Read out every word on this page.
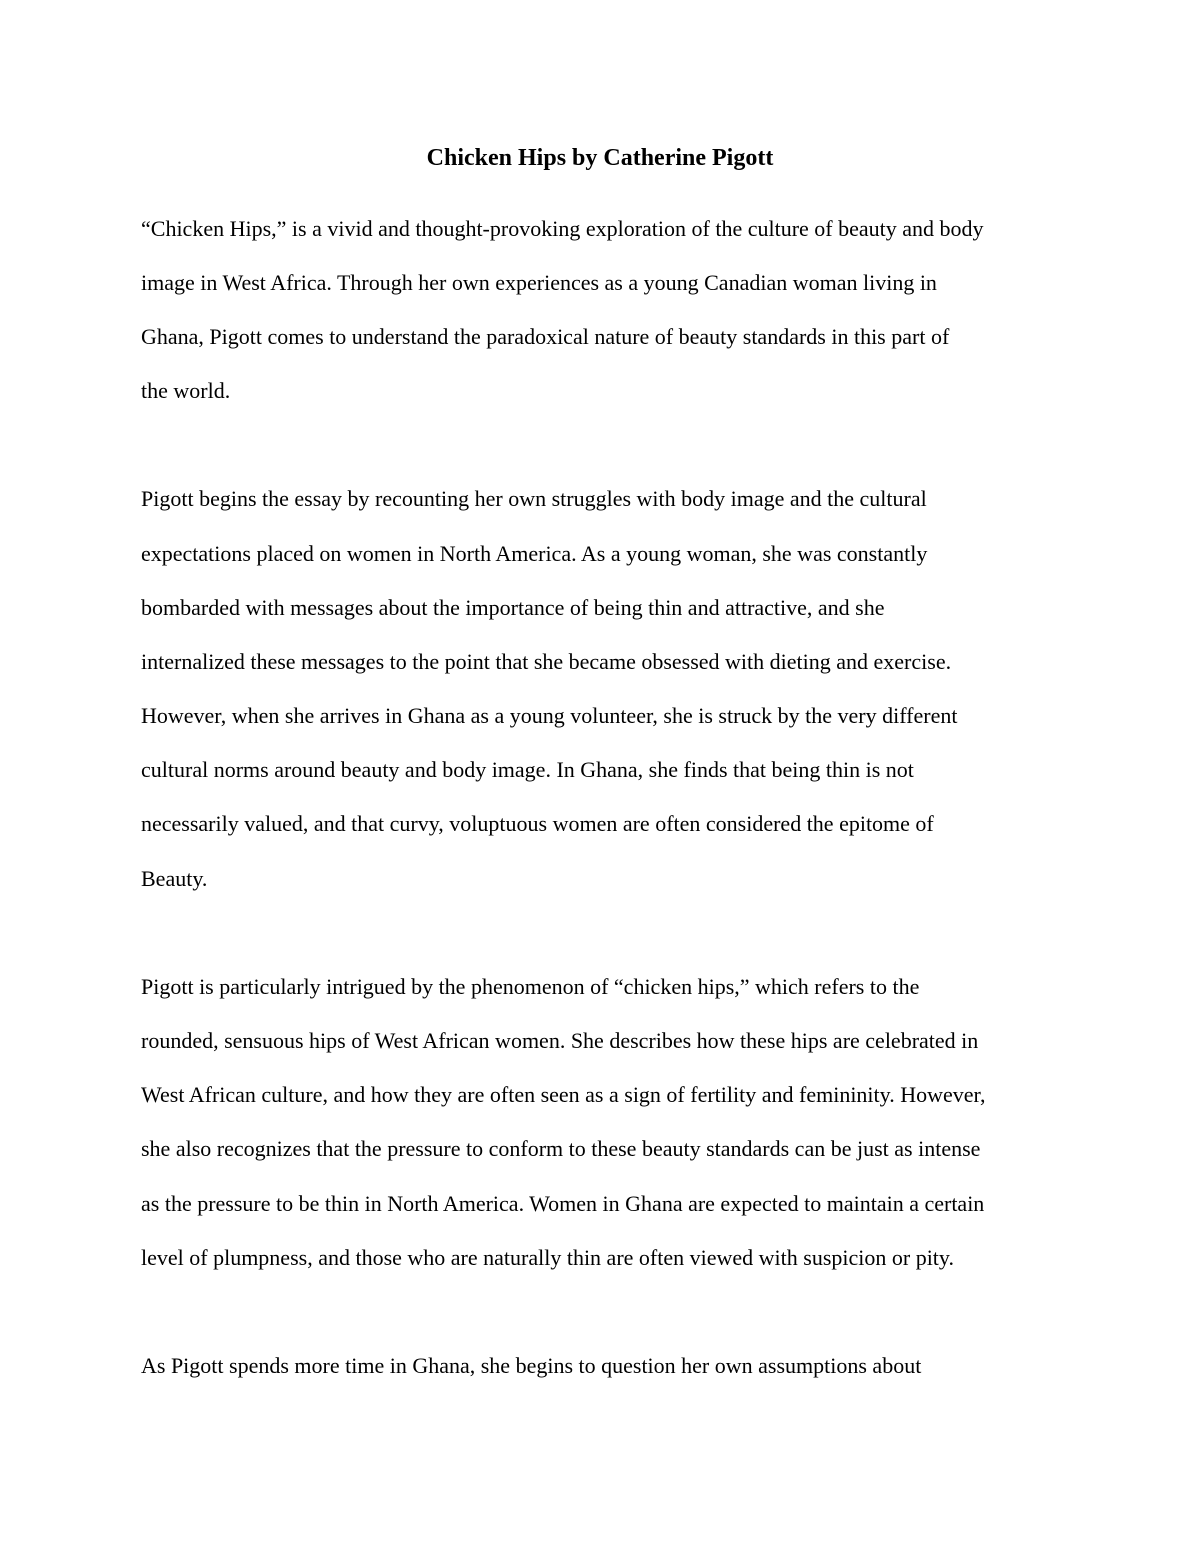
Chicken Hips by Catherine Pigott

“Chicken Hips,” is a vivid and thought-provoking exploration of the culture of beauty and body

image in West Africa. Through her own experiences as a young Canadian woman living in

Ghana, Pigott comes to understand the paradoxical nature of beauty standards in this part of

the world.

Pigott begins the essay by recounting her own struggles with body image and the cultural

expectations placed on women in North America. As a young woman, she was constantly

bombarded with messages about the importance of being thin and attractive, and she

internalized these messages to the point that she became obsessed with dieting and exercise.

However, when she arrives in Ghana as a young volunteer, she is struck by the very different

cultural norms around beauty and body image. In Ghana, she finds that being thin is not

necessarily valued, and that curvy, voluptuous women are often considered the epitome of

Beauty.

Pigott is particularly intrigued by the phenomenon of “chicken hips,” which refers to the

rounded, sensuous hips of West African women. She describes how these hips are celebrated in

West African culture, and how they are often seen as a sign of fertility and femininity. However,

she also recognizes that the pressure to conform to these beauty standards can be just as intense

as the pressure to be thin in North America. Women in Ghana are expected to maintain a certain

level of plumpness, and those who are naturally thin are often viewed with suspicion or pity.

As Pigott spends more time in Ghana, she begins to question her own assumptions about
